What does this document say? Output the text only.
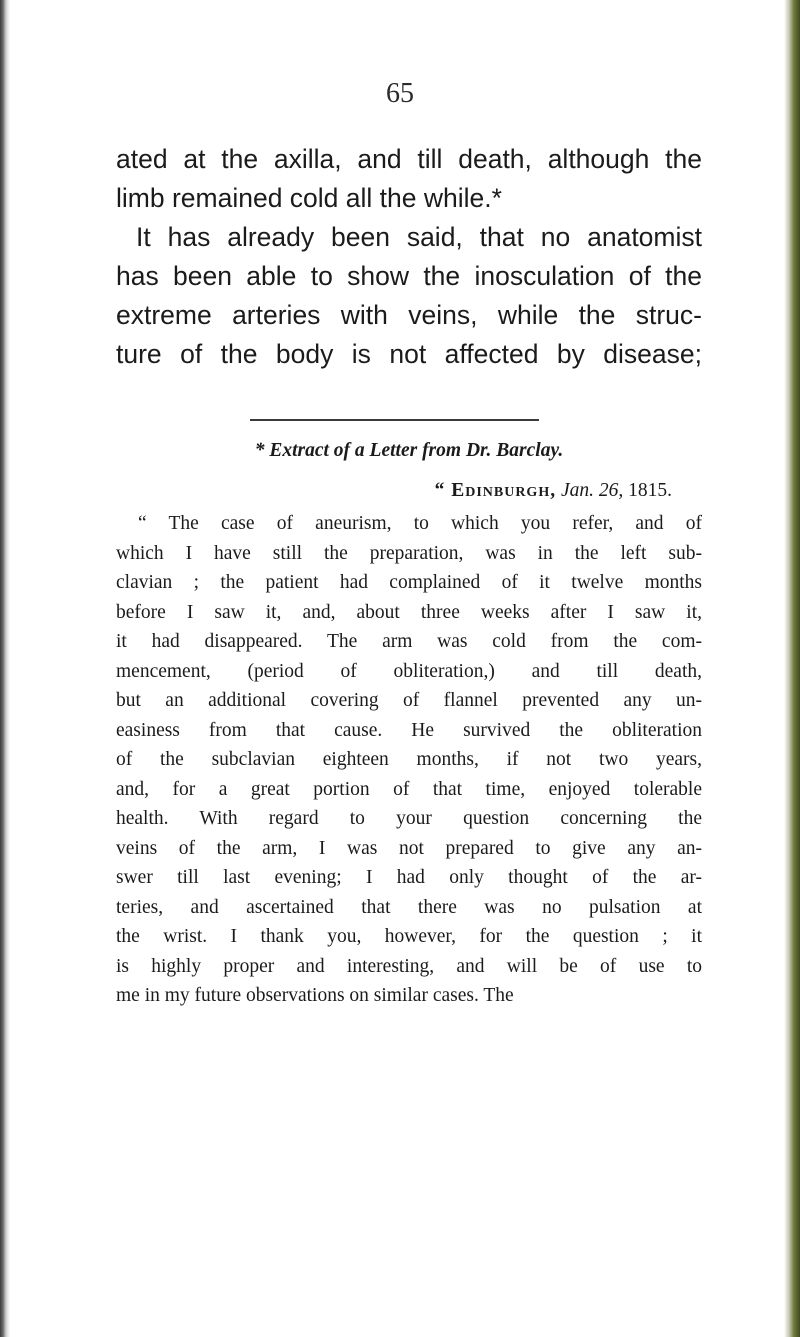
65
ated at the axilla, and till death, although the
limb remained cold all the while.*
It has already been said, that no anatomist
has been able to show the inosculation of the
extreme arteries with veins, while the struc-
ture of the body is not affected by disease;
* Extract of a Letter from Dr. Barclay.
“ Edinburgh, Jan. 26, 1815.
“ The case of aneurism, to which you refer, and of
which I have still the preparation, was in the left sub-
clavian ; the patient had complained of it twelve months
before I saw it, and, about three weeks after I saw it,
it had disappeared. The arm was cold from the com-
mencement, (period of obliteration,) and till death,
but an additional covering of flannel prevented any un-
easiness from that cause. He survived the obliteration
of the subclavian eighteen months, if not two years,
and, for a great portion of that time, enjoyed tolerable
health. With regard to your question concerning the
veins of the arm, I was not prepared to give any an-
swer till last evening; I had only thought of the ar-
teries, and ascertained that there was no pulsation at
the wrist. I thank you, however, for the question ; it
is highly proper and interesting, and will be of use to
me in my future observations on similar cases. The
